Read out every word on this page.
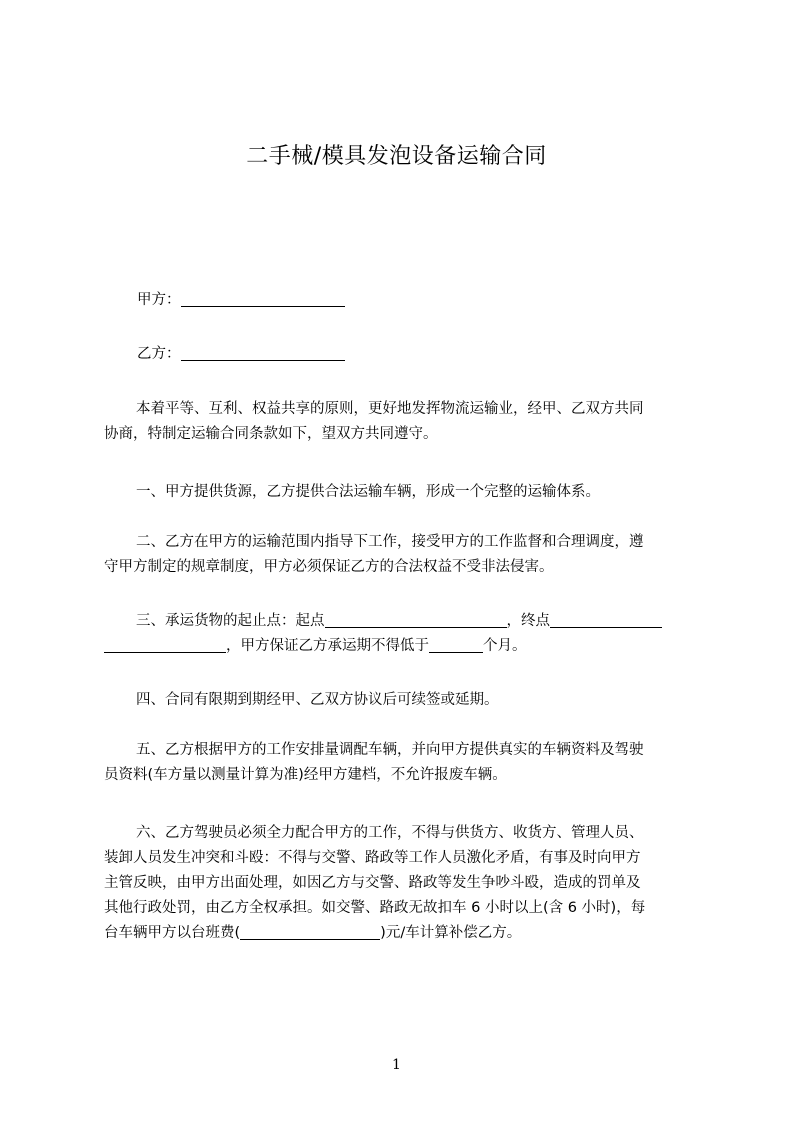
二手械/模具发泡设备运输合同
甲方：
乙方：
本着平等、互利、权益共享的原则，更好地发挥物流运输业，经甲、乙双方共同
协商，特制定运输合同条款如下，望双方共同遵守。
一、甲方提供货源，乙方提供合法运输车辆，形成一个完整的运输体系。
二、乙方在甲方的运输范围内指导下工作，接受甲方的工作监督和合理调度，遵
守甲方制定的规章制度，甲方必须保证乙方的合法权益不受非法侵害。
三、承运货物的起止点：起点	，终点
，甲方保证乙方承运期不得低于	个月。
四、合同有限期到期经甲、乙双方协议后可续签或延期。
五、乙方根据甲方的工作安排量调配车辆，并向甲方提供真实的车辆资料及驾驶
员资料(车方量以测量计算为准)经甲方建档，不允许报废车辆。
六、乙方驾驶员必须全力配合甲方的工作，不得与供货方、收货方、管理人员、
装卸人员发生冲突和斗殴：不得与交警、路政等工作人员激化矛盾，有事及时向甲方
主管反映，由甲方出面处理，如因乙方与交警、路政等发生争吵斗殴，造成的罚单及
其他行政处罚，由乙方全权承担。如交警、路政无故扣车 6 小时以上(含 6 小时)，每
台车辆甲方以台班费(	)元/车计算补偿乙方。
1
